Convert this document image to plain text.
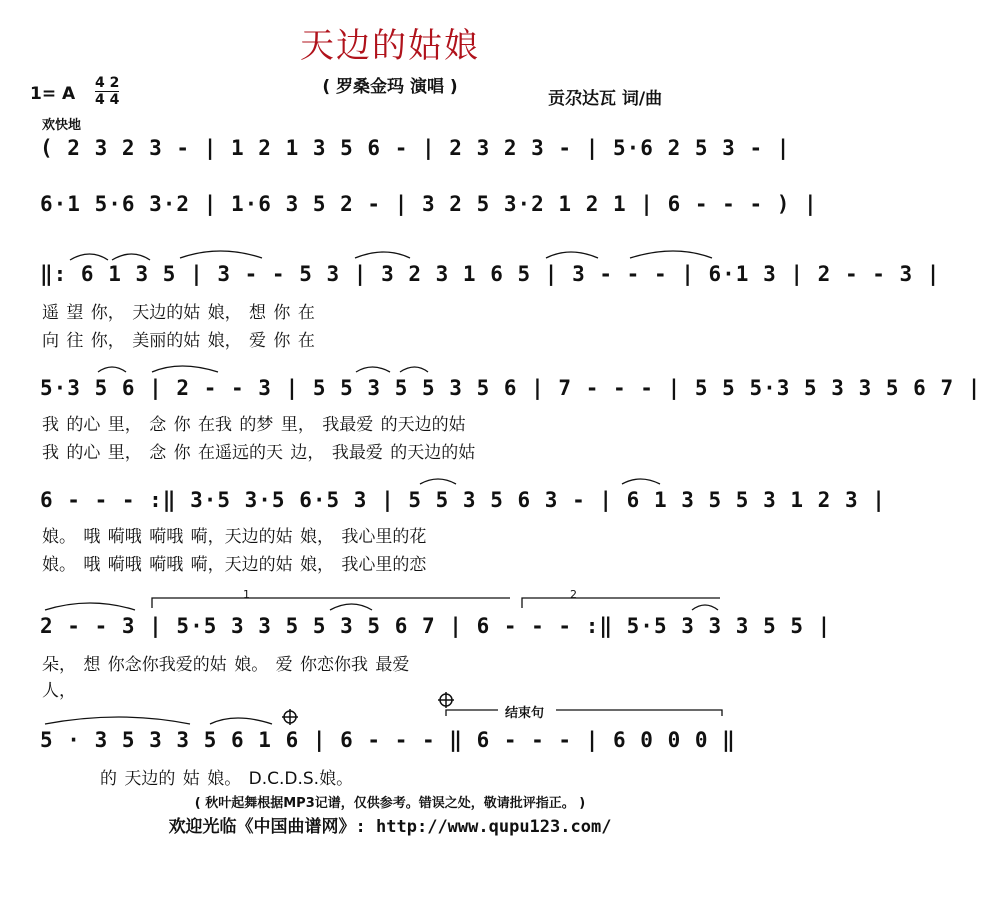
天边的姑娘
( 罗桑金玛 演唱 )
1= A
4 2
4 4	贡尕达瓦 词/曲
欢快地
( 2 3 2 3 - | 1 2 1 3 5 6 - | 2 3 2 3 - | 5·6 2 5 3 - |
6·1 5·6 3·2 | 1·6 3 5 2 - | 3 2 5 3·2 1 2 1 | 6 - - - ) |
‖: 6 1 3 5 | 3 - - 5 3 | 3 2 3 1 6 5 | 3 - - - | 6·1 3 | 2 - - 3 |
5·3 5 6 | 2 - - 3 | 5 5 3 5 5 3 5 6 | 7 - - - | 5 5 5·3 5 3 3 5 6 7 |
6 - - - :‖ 3·5 3·5 6·5 3 | 5 5 3 5 6 3 - | 6 1 3 5 5 3 1 2 3 |
2 - - 3 | 5·5 3 3 5 5 3 5 6 7 | 6 - - - :‖ 5·5 3 3 3 5 5 |
5 · 3 5 3 3 5 6 1 6 | 6 - - - ‖ 6 - - - | 6 0 0 0 ‖
遥 望 你， 天边的姑 娘， 想 你 在
向 往 你， 美丽的姑 娘， 爱 你 在
我 的心 里， 念 你 在我 的梦 里， 我最爱 的天边的姑
我 的心 里， 念 你 在遥远的天 边， 我最爱 的天边的姑
娘。 哦 嗬哦 嗬哦 嗬，天边的姑 娘， 我心里的花
娘。 哦 嗬哦 嗬哦 嗬，天边的姑 娘， 我心里的恋
朵， 想 你念你我爱的姑 娘。 爱 你恋你我 最爱
人，
的 天边的 姑 娘。 D.C.D.S.娘。
1	2
结束句
( 秋叶起舞根据MP3记谱，仅供参考。错误之处，敬请批评指正。 )
欢迎光临《中国曲谱网》: http://www.qupu123.com/
